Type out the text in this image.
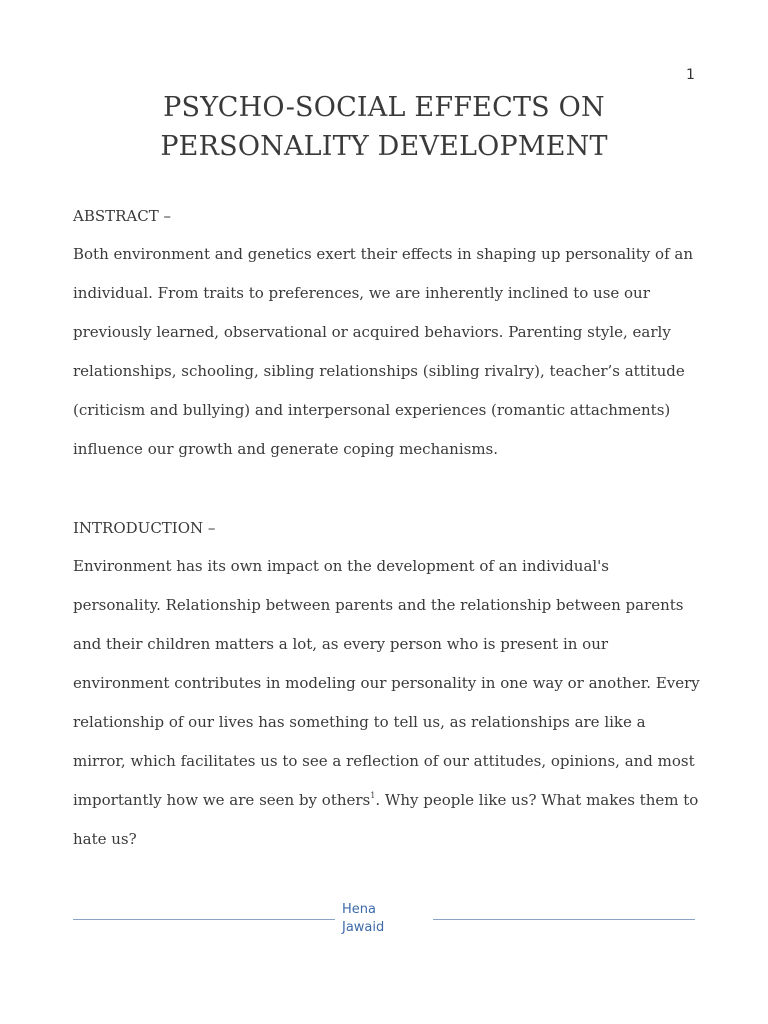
1
PSYCHO-SOCIAL EFFECTS ON
PERSONALITY DEVELOPMENT
ABSTRACT –
Both environment and genetics exert their effects in shaping up personality of an
individual. From traits to preferences, we are inherently inclined to use our
previously learned, observational or acquired behaviors. Parenting style, early
relationships, schooling, sibling relationships (sibling rivalry), teacher’s attitude
(criticism and bullying) and interpersonal experiences (romantic attachments)
influence our growth and generate coping mechanisms.
INTRODUCTION –
Environment has its own impact on the development of an individual's
personality. Relationship between parents and the relationship between parents
and their children matters a lot, as every person who is present in our
environment contributes in modeling our personality in one way or another. Every
relationship of our lives has something to tell us, as relationships are like a
mirror, which facilitates us to see a reflection of our attitudes, opinions, and most
importantly how we are seen by others$^1$. Why people like us? What makes them to
hate us?
Hena
Jawaid
